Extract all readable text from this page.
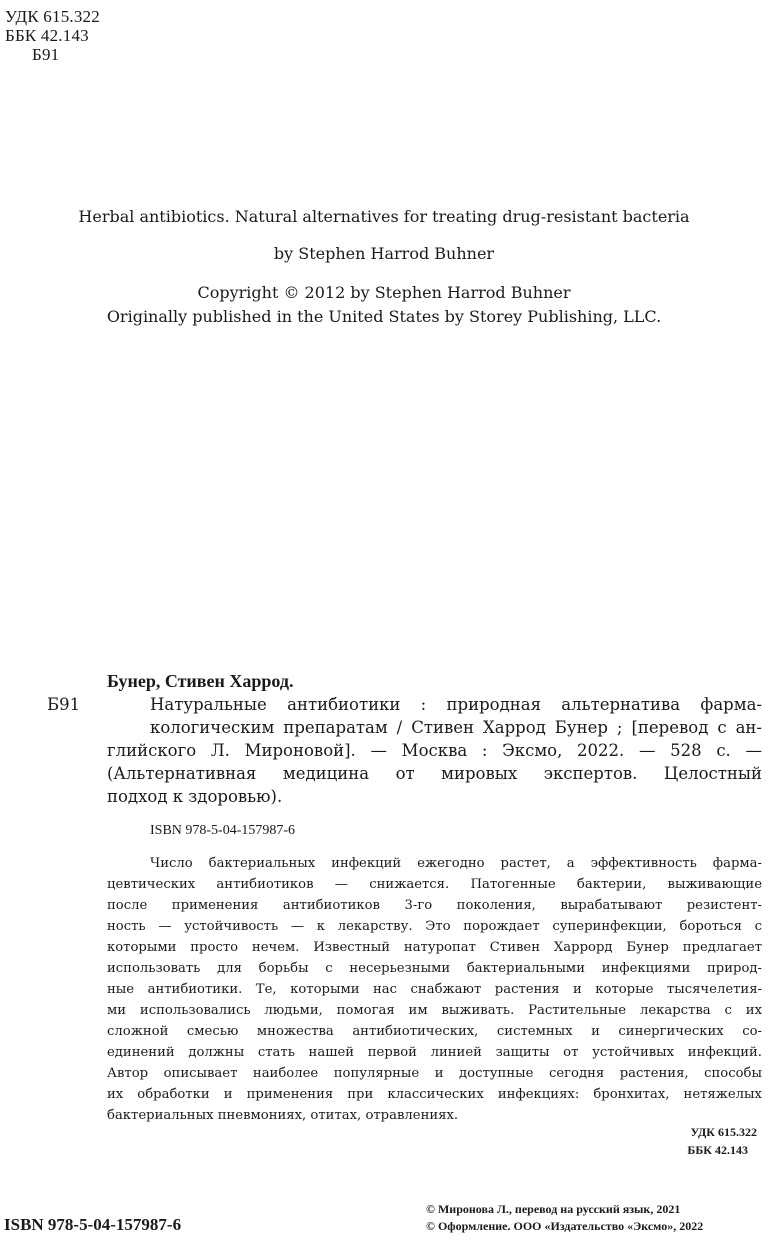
УДК 615.322
ББК 42.143
Б91
Herbal antibiotics. Natural alternatives for treating drug-resistant bacteria
by Stephen Harrod Buhner
Copyright © 2012 by Stephen Harrod Buhner
Originally published in the United States by Storey Publishing, LLC.
Бунер, Стивен Харрод.
Б91	Натуральные антибиотики : природная альтернатива фарма-
кологическим препаратам / Стивен Харрод Бунер ; [перевод с ан-
глийского Л. Мироновой]. — Москва : Эксмо, 2022. — 528 с. —
(Альтернативная медицина от мировых экспертов. Целостный
подход к здоровью).
ISBN 978-5-04-157987-6
Число бактериальных инфекций ежегодно растет, а эффективность фарма-
цевтических антибиотиков — снижается. Патогенные бактерии, выживающие
после применения антибиотиков 3-го поколения, вырабатывают резистент-
ность — устойчивость — к лекарству. Это порождает суперинфекции, бороться с
которыми просто нечем. Известный натуропат Стивен Харрорд Бунер предлагает
использовать для борьбы с несерьезными бактериальными инфекциями природ-
ные антибиотики. Те, которыми нас снабжают растения и которые тысячелетия-
ми использовались людьми, помогая им выживать. Растительные лекарства с их
сложной смесью множества антибиотических, системных и синергических со-
единений должны стать нашей первой линией защиты от устойчивых инфекций.
Автор описывает наиболее популярные и доступные сегодня растения, способы
их обработки и применения при классических инфекциях: бронхитах, нетяжелых
бактериальных пневмониях, отитах, отравлениях.
УДК 615.322
ББК 42.143
ISBN 978-5-04-157987-6
© Миронова Л., перевод на русский язык, 2021
© Оформление. ООО «Издательство «Эксмо», 2022
